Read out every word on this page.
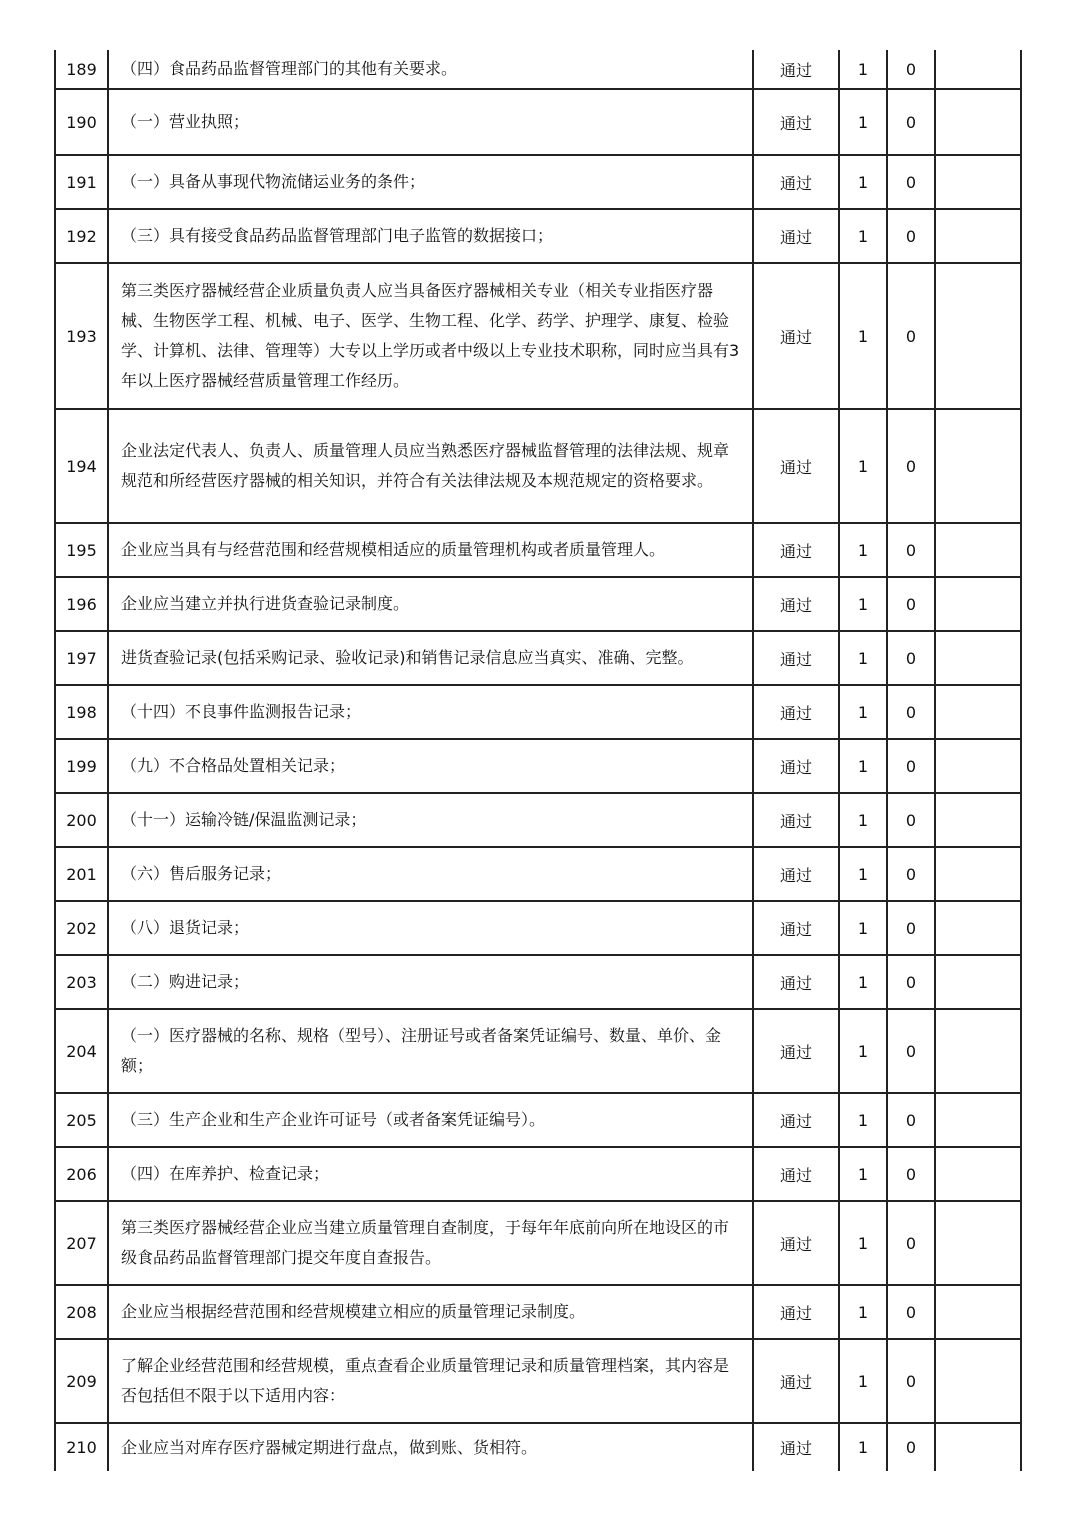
189	（四）食品药品监督管理部门的其他有关要求。	通过	1	0	
190	（一）营业执照；	通过	1	0	
191	（一）具备从事现代物流储运业务的条件；	通过	1	0	
192	（三）具有接受食品药品监督管理部门电子监管的数据接口；	通过	1	0	
193	第三类医疗器械经营企业质量负责人应当具备医疗器械相关专业（相关专业指医疗器械、生物医学工程、机械、电子、医学、生物工程、化学、药学、护理学、康复、检验学、计算机、法律、管理等）大专以上学历或者中级以上专业技术职称，同时应当具有3年以上医疗器械经营质量管理工作经历。	通过	1	0	
194	企业法定代表人、负责人、质量管理人员应当熟悉医疗器械监督管理的法律法规、规章规范和所经营医疗器械的相关知识，并符合有关法律法规及本规范规定的资格要求。	通过	1	0	
195	企业应当具有与经营范围和经营规模相适应的质量管理机构或者质量管理人。	通过	1	0	
196	企业应当建立并执行进货查验记录制度。	通过	1	0	
197	进货查验记录(包括采购记录、验收记录)和销售记录信息应当真实、准确、完整。	通过	1	0	
198	（十四）不良事件监测报告记录；	通过	1	0	
199	（九）不合格品处置相关记录；	通过	1	0	
200	（十一）运输冷链/保温监测记录；	通过	1	0	
201	（六）售后服务记录；	通过	1	0	
202	（八）退货记录；	通过	1	0	
203	（二）购进记录；	通过	1	0	
204	（一）医疗器械的名称、规格（型号）、注册证号或者备案凭证编号、数量、单价、金额；	通过	1	0	
205	（三）生产企业和生产企业许可证号（或者备案凭证编号）。	通过	1	0	
206	（四）在库养护、检查记录；	通过	1	0	
207	第三类医疗器械经营企业应当建立质量管理自查制度，于每年年底前向所在地设区的市级食品药品监督管理部门提交年度自查报告。	通过	1	0	
208	企业应当根据经营范围和经营规模建立相应的质量管理记录制度。	通过	1	0	
209	了解企业经营范围和经营规模，重点查看企业质量管理记录和质量管理档案，其内容是否包括但不限于以下适用内容：	通过	1	0	
210	企业应当对库存医疗器械定期进行盘点，做到账、货相符。	通过	1	0	
